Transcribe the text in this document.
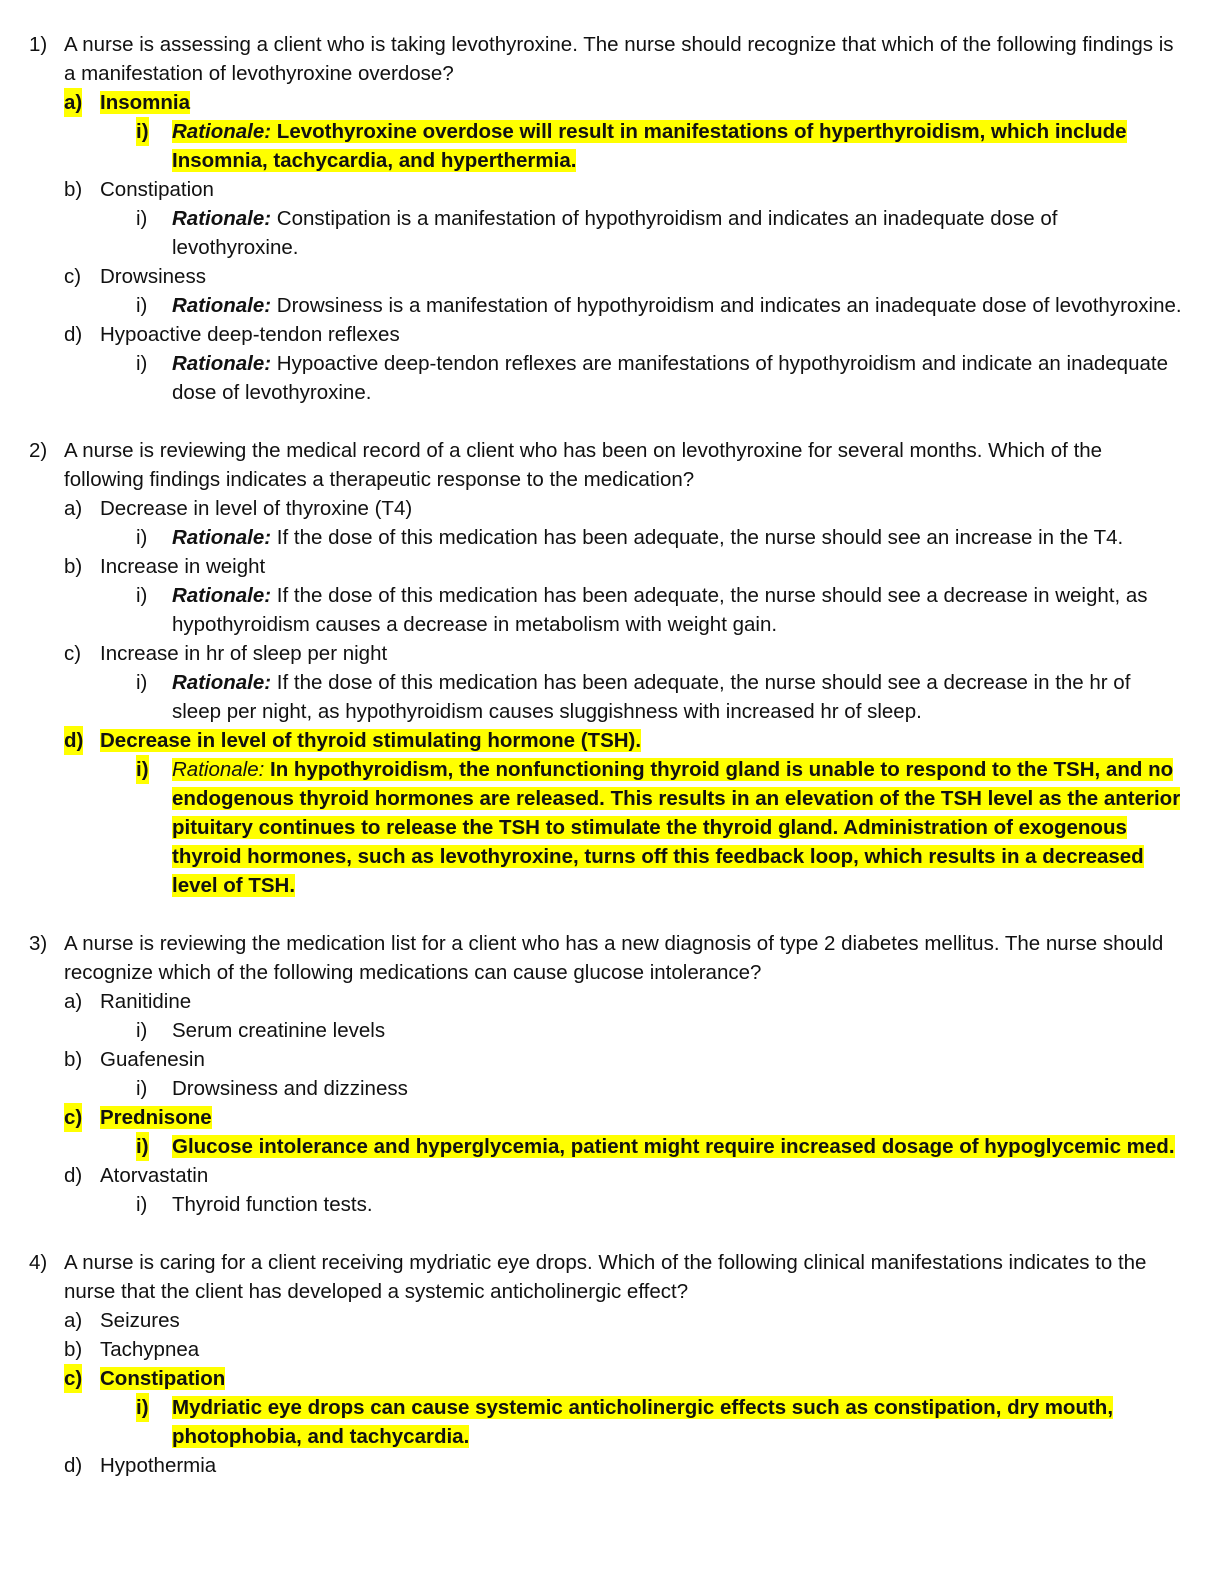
1) A nurse is assessing a client who is taking levothyroxine. The nurse should recognize that which of the following findings is a manifestation of levothyroxine overdose?
a) Insomnia
i) Rationale: Levothyroxine overdose will result in manifestations of hyperthyroidism, which include Insomnia, tachycardia, and hyperthermia.
b) Constipation
i) Rationale: Constipation is a manifestation of hypothyroidism and indicates an inadequate dose of levothyroxine.
c) Drowsiness
i) Rationale: Drowsiness is a manifestation of hypothyroidism and indicates an inadequate dose of levothyroxine.
d) Hypoactive deep-tendon reflexes
i) Rationale: Hypoactive deep-tendon reflexes are manifestations of hypothyroidism and indicate an inadequate dose of levothyroxine.
2) A nurse is reviewing the medical record of a client who has been on levothyroxine for several months. Which of the following findings indicates a therapeutic response to the medication?
a) Decrease in level of thyroxine (T4)
i) Rationale: If the dose of this medication has been adequate, the nurse should see an increase in the T4.
b) Increase in weight
i) Rationale: If the dose of this medication has been adequate, the nurse should see a decrease in weight, as hypothyroidism causes a decrease in metabolism with weight gain.
c) Increase in hr of sleep per night
i) Rationale: If the dose of this medication has been adequate, the nurse should see a decrease in the hr of sleep per night, as hypothyroidism causes sluggishness with increased hr of sleep.
d) Decrease in level of thyroid stimulating hormone (TSH).
i) Rationale: In hypothyroidism, the nonfunctioning thyroid gland is unable to respond to the TSH, and no endogenous thyroid hormones are released. This results in an elevation of the TSH level as the anterior pituitary continues to release the TSH to stimulate the thyroid gland. Administration of exogenous thyroid hormones, such as levothyroxine, turns off this feedback loop, which results in a decreased level of TSH.
3) A nurse is reviewing the medication list for a client who has a new diagnosis of type 2 diabetes mellitus. The nurse should recognize which of the following medications can cause glucose intolerance?
a) Ranitidine
i) Serum creatinine levels
b) Guafenesin
i) Drowsiness and dizziness
c) Prednisone
i) Glucose intolerance and hyperglycemia, patient might require increased dosage of hypoglycemic med.
d) Atorvastatin
i) Thyroid function tests.
4) A nurse is caring for a client receiving mydriatic eye drops. Which of the following clinical manifestations indicates to the nurse that the client has developed a systemic anticholinergic effect?
a) Seizures
b) Tachypnea
c) Constipation
i) Mydriatic eye drops can cause systemic anticholinergic effects such as constipation, dry mouth, photophobia, and tachycardia.
d) Hypothermia
